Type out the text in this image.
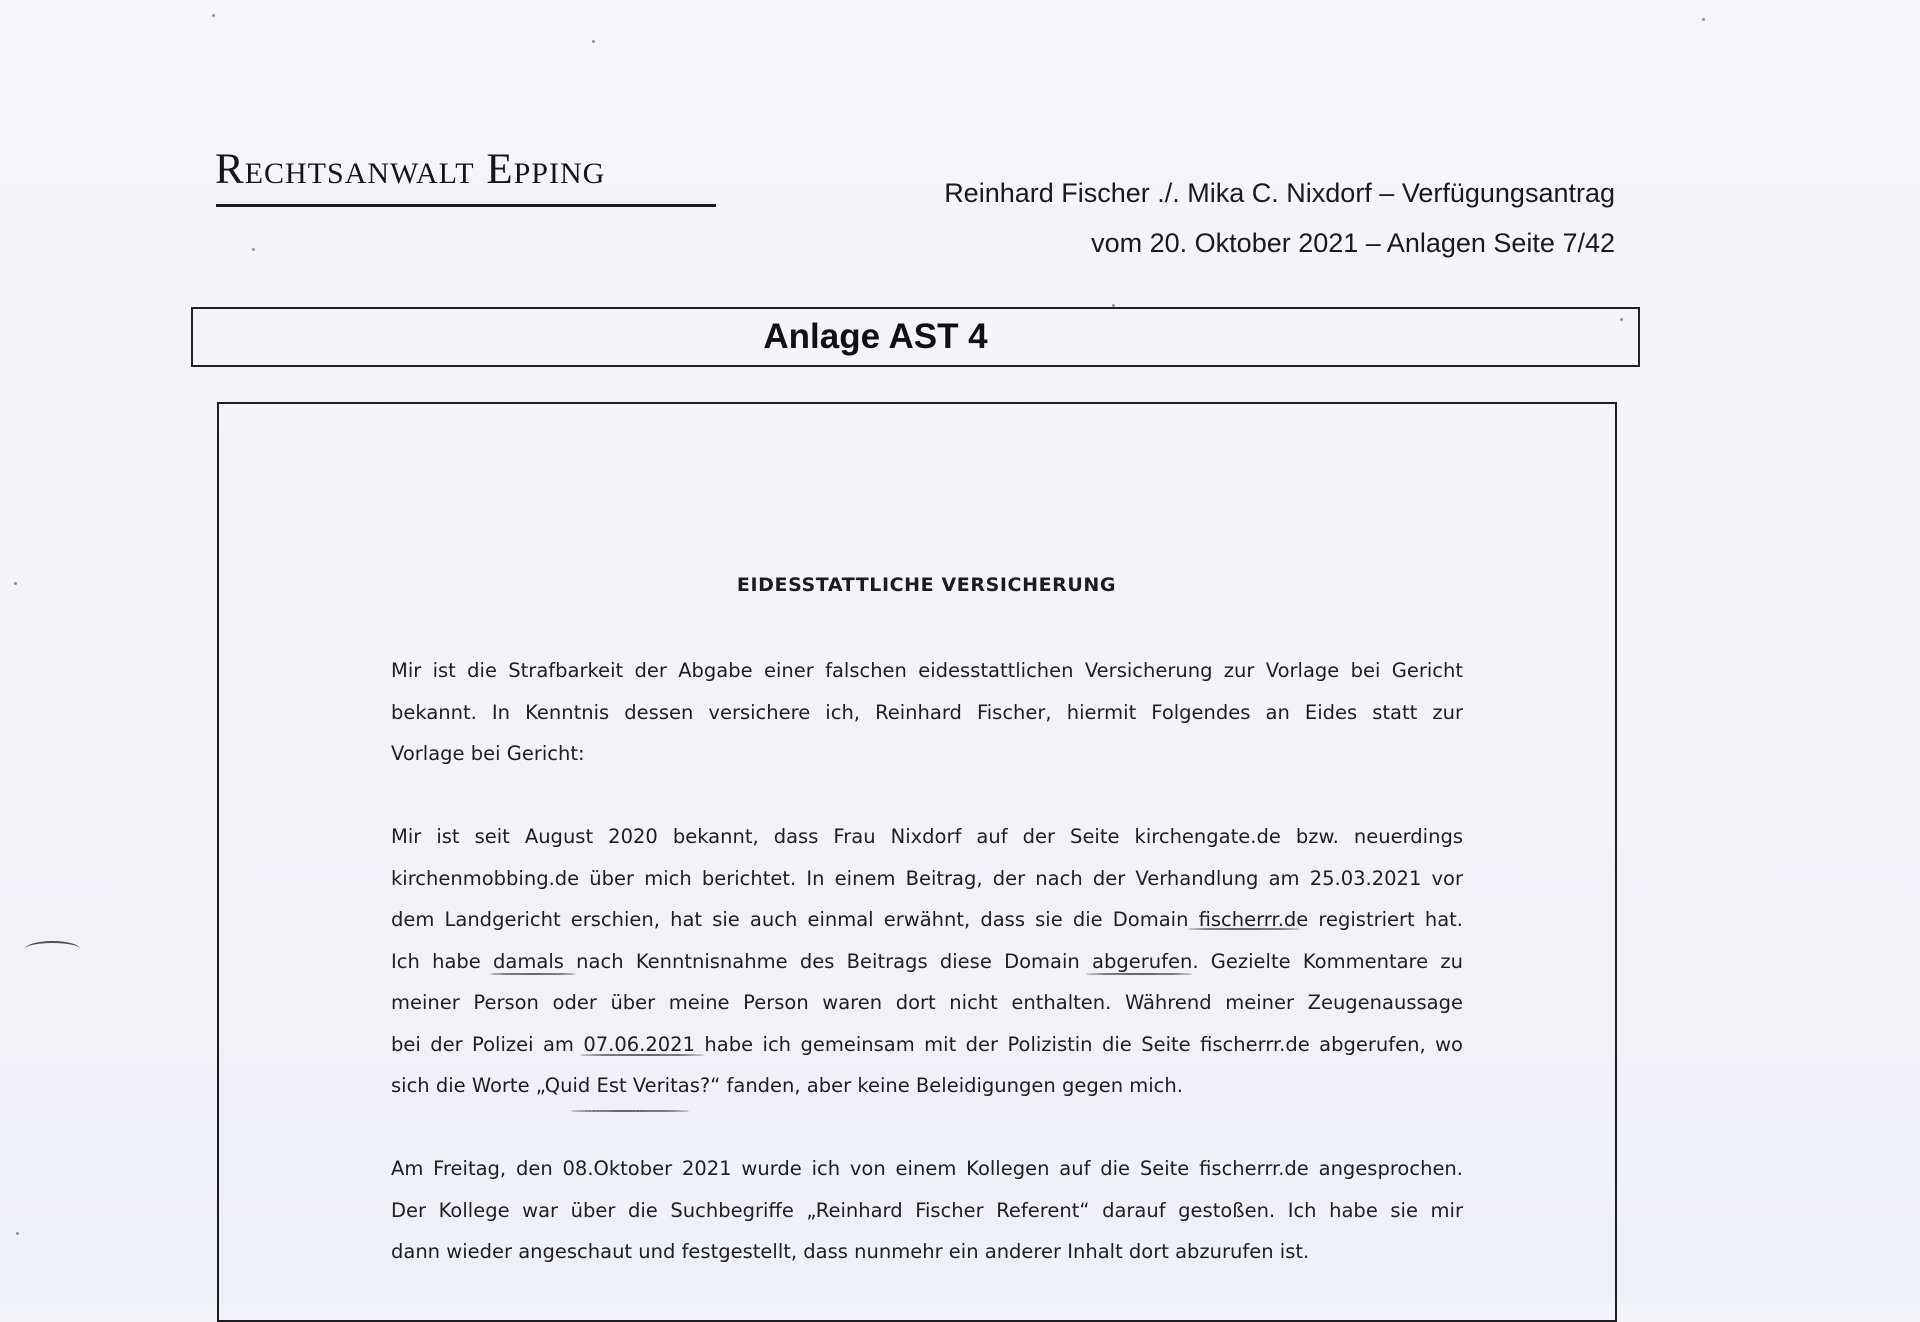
Rechtsanwalt Epping	Reinhard Fischer ./. Mika C. Nixdorf – Verfügungsantrag
vom 20. Oktober 2021 – Anlagen Seite 7/42
Anlage AST 4
EIDESSTATTLICHE VERSICHERUNG

Mir ist die Strafbarkeit der Abgabe einer falschen eidesstattlichen Versicherung zur Vorlage bei Gericht
bekannt. In Kenntnis dessen versichere ich, Reinhard Fischer, hiermit Folgendes an Eides statt zur
Vorlage bei Gericht:

Mir ist seit August 2020 bekannt, dass Frau Nixdorf auf der Seite kirchengate.de bzw. neuerdings
kirchenmobbing.de über mich berichtet. In einem Beitrag, der nach der Verhandlung am 25.03.2021 vor
dem Landgericht erschien, hat sie auch einmal erwähnt, dass sie die Domain fischerrr.de registriert hat.
Ich habe damals nach Kenntnisnahme des Beitrags diese Domain abgerufen. Gezielte Kommentare zu
meiner Person oder über meine Person waren dort nicht enthalten. Während meiner Zeugenaussage
bei der Polizei am 07.06.2021 habe ich gemeinsam mit der Polizistin die Seite fischerrr.de abgerufen, wo
sich die Worte „Quid Est Veritas?“ fanden, aber keine Beleidigungen gegen mich.

Am Freitag, den 08.Oktober 2021 wurde ich von einem Kollegen auf die Seite fischerrr.de angesprochen.
Der Kollege war über die Suchbegriffe „Reinhard Fischer Referent“ darauf gestoßen. Ich habe sie mir
dann wieder angeschaut und festgestellt, dass nunmehr ein anderer Inhalt dort abzurufen ist.
